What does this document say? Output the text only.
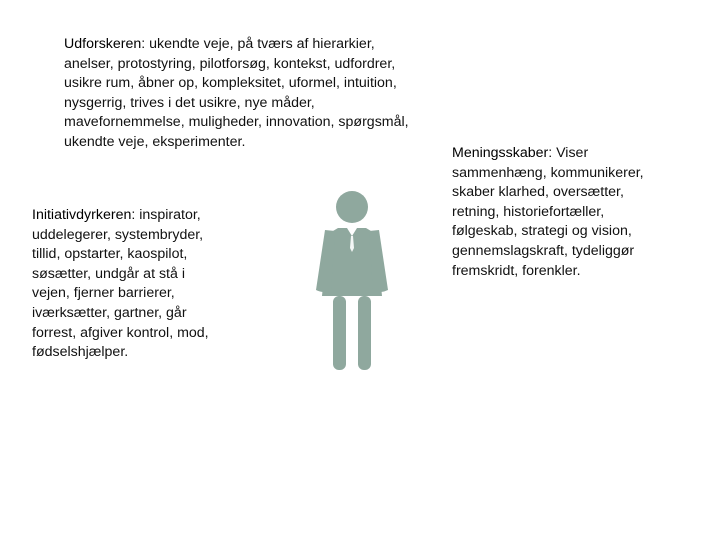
Udforskeren: ukendte veje, på tværs af hierarkier,
anelser, protostyring, pilotforsøg, kontekst, udfordrer,
usikre rum, åbner op, kompleksitet, uformel, intuition,
nysgerrig, trives i det usikre, nye måder,
mavefornemmelse, muligheder, innovation, spørgsmål,
ukendte veje, eksperimenter.
Meningsskaber: Viser
sammenhæng, kommunikerer,
skaber klarhed, oversætter,
retning, historiefortæller,
følgeskab, strategi og vision,
gennemslagskraft, tydeliggør
fremskridt, forenkler.
Initiativdyrkeren: inspirator,
uddelegerer, systembryder,
tillid, opstarter, kaospilot,
søsætter, undgår at stå i
vejen, fjerner barrierer,
iværksætter, gartner, går
forrest, afgiver kontrol, mod,
fødselshjælper.
